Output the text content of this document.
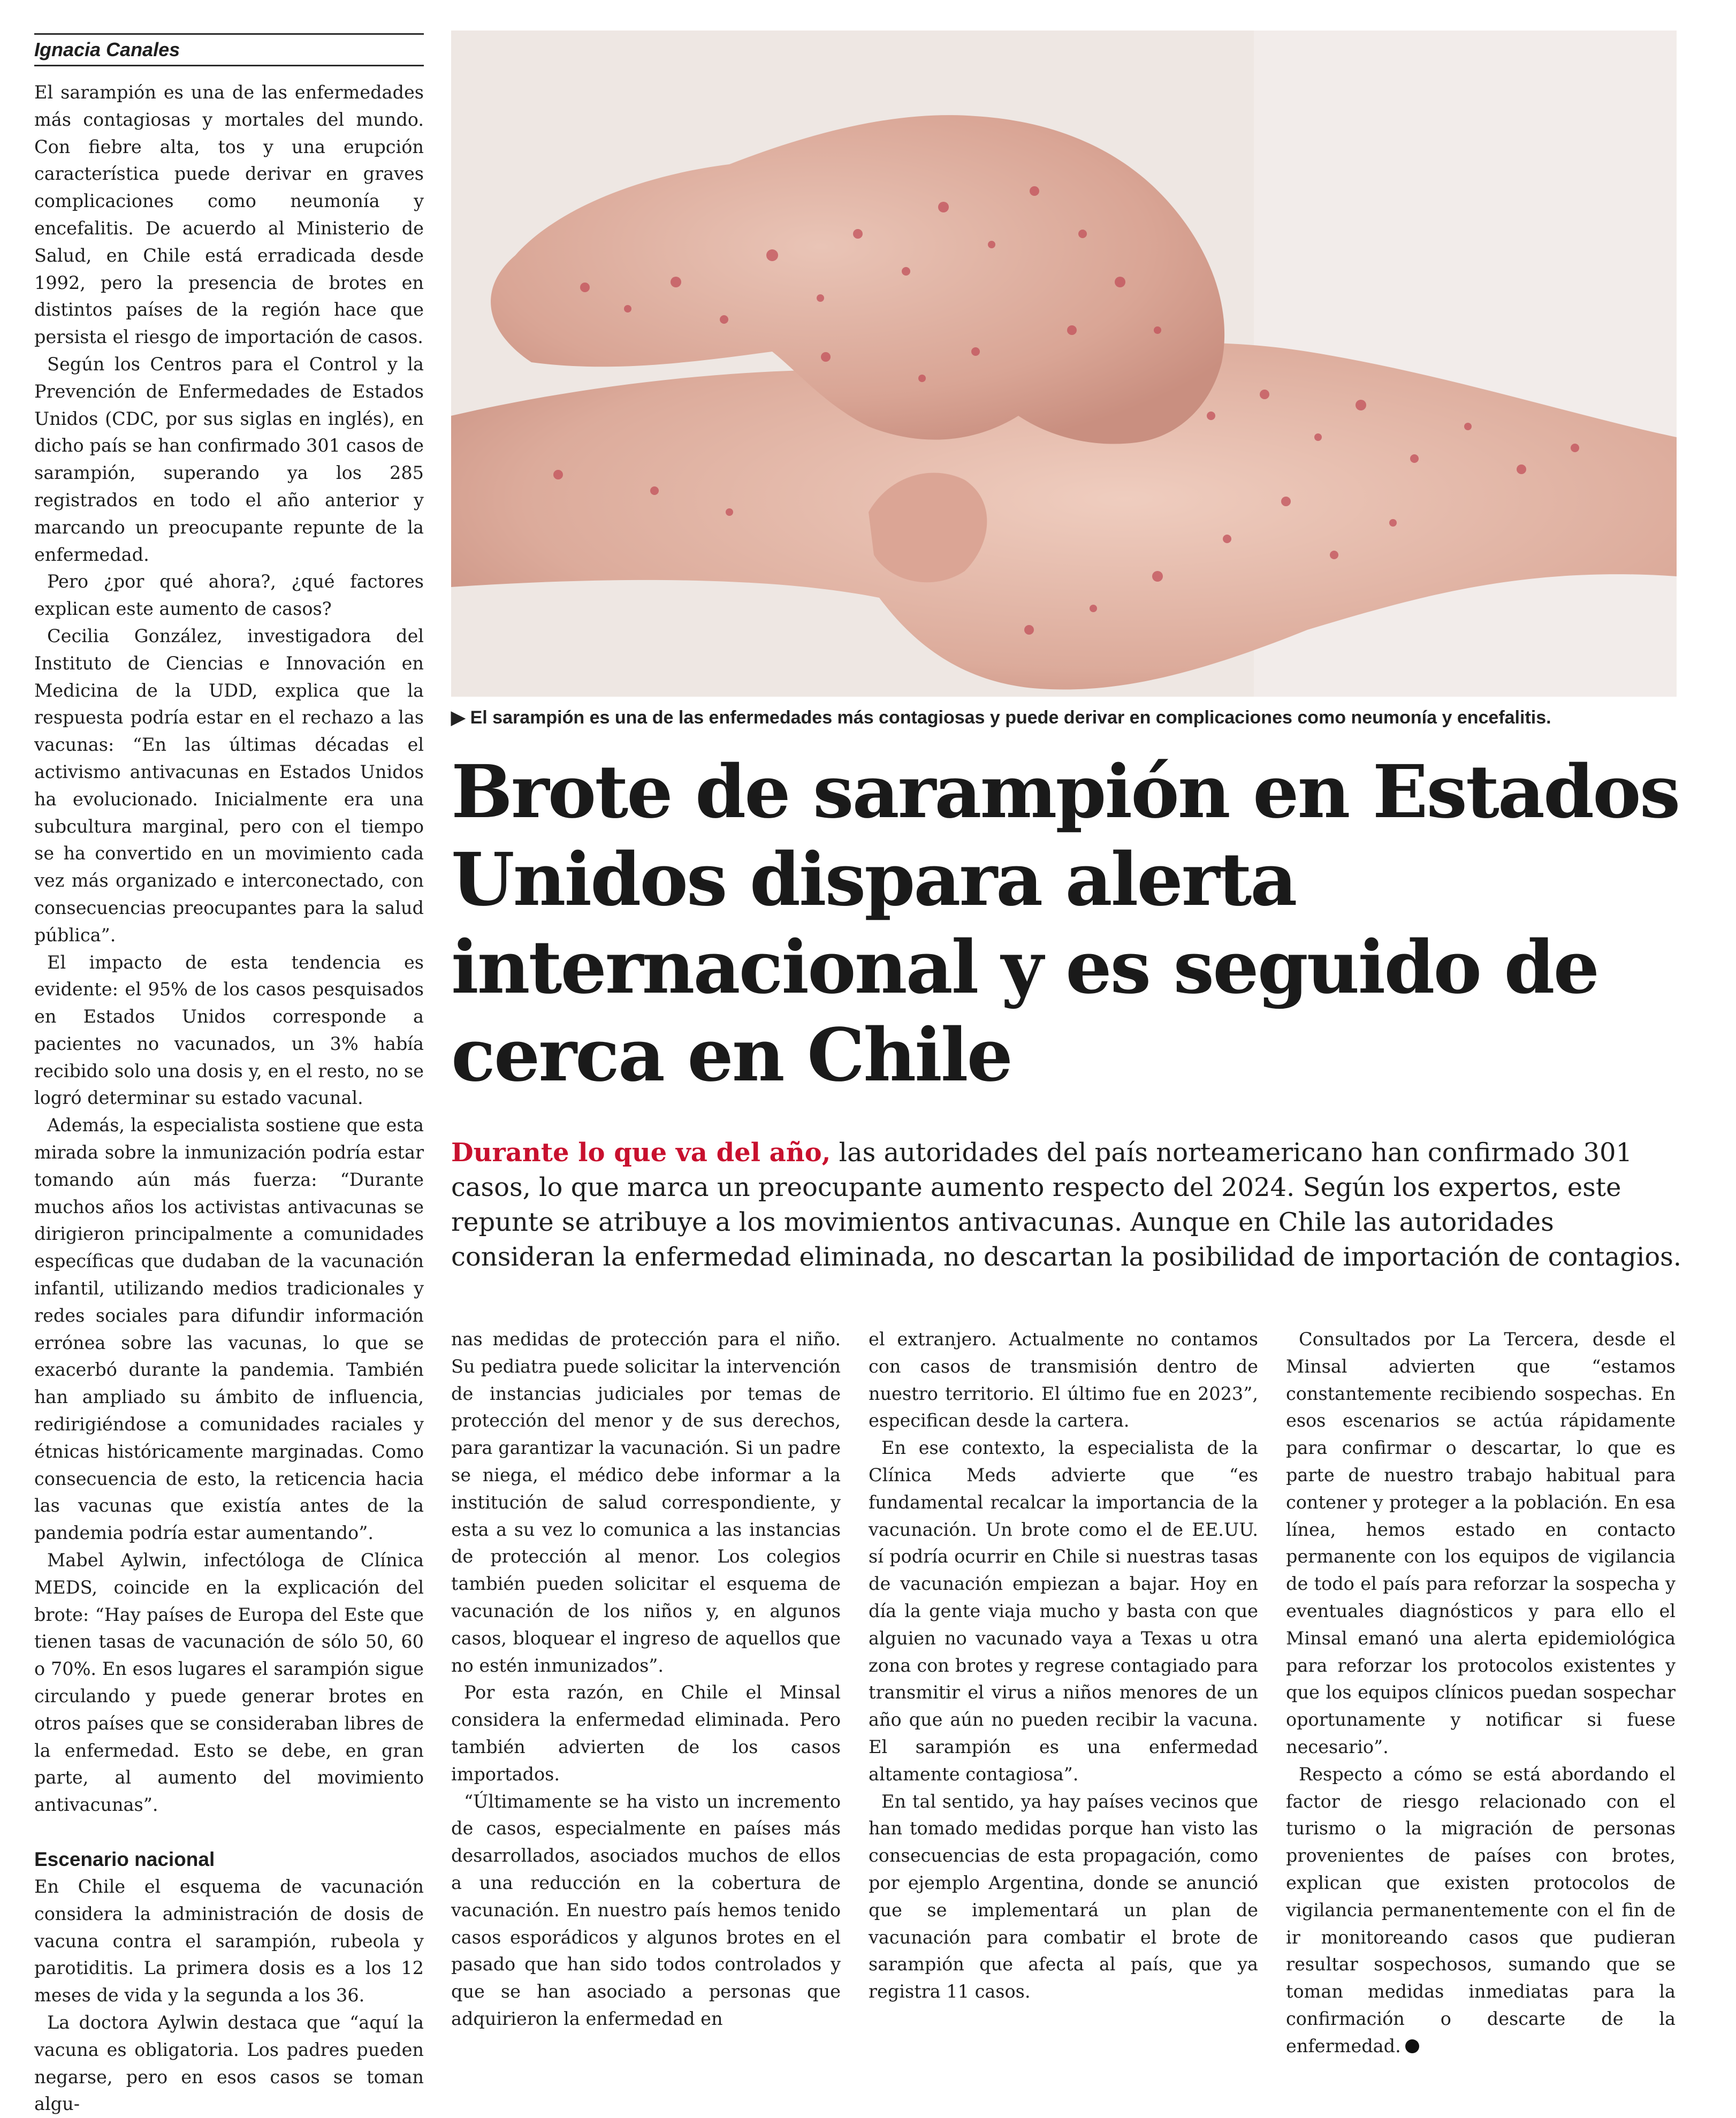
Ignacia Canales

El sarampión es una de las enfermedades más contagiosas y mortales del mundo. Con fiebre alta, tos y una erupción característica puede derivar en graves complicaciones como neumonía y encefalitis. De acuerdo al Ministerio de Salud, en Chile está erradicada desde 1992, pero la presencia de brotes en distintos países de la región hace que persista el riesgo de importación de casos.

Según los Centros para el Control y la Prevención de Enfermedades de Estados Unidos (CDC, por sus siglas en inglés), en dicho país se han confirmado 301 casos de sarampión, superando ya los 285 registrados en todo el año anterior y marcando un preocupante repunte de la enfermedad.

Pero ¿por qué ahora?, ¿qué factores explican este aumento de casos?

Cecilia González, investigadora del Instituto de Ciencias e Innovación en Medicina de la UDD, explica que la respuesta podría estar en el rechazo a las vacunas: “En las últimas décadas el activismo antivacunas en Estados Unidos ha evolucionado. Inicialmente era una subcultura marginal, pero con el tiempo se ha convertido en un movimiento cada vez más organizado e interconectado, con consecuencias preocupantes para la salud pública”.

El impacto de esta tendencia es evidente: el 95% de los casos pesquisados en Estados Unidos corresponde a pacientes no vacunados, un 3% había recibido solo una dosis y, en el resto, no se logró determinar su estado vacunal.

Además, la especialista sostiene que esta mirada sobre la inmunización podría estar tomando aún más fuerza: “Durante muchos años los activistas antivacunas se dirigieron principalmente a comunidades específicas que dudaban de la vacunación infantil, utilizando medios tradicionales y redes sociales para difundir información errónea sobre las vacunas, lo que se exacerbó durante la pandemia. También han ampliado su ámbito de influencia, redirigiéndose a comunidades raciales y étnicas históricamente marginadas. Como consecuencia de esto, la reticencia hacia las vacunas que existía antes de la pandemia podría estar aumentando”.

Mabel Aylwin, infectóloga de Clínica MEDS, coincide en la explicación del brote: “Hay países de Europa del Este que tienen tasas de vacunación de sólo 50, 60 o 70%. En esos lugares el sarampión sigue circulando y puede generar brotes en otros países que se consideraban libres de la enfermedad. Esto se debe, en gran parte, al aumento del movimiento antivacunas”.

Escenario nacional

En Chile el esquema de vacunación considera la administración de dosis de vacuna contra el sarampión, rubeola y parotiditis. La primera dosis es a los 12 meses de vida y la segunda a los 36.

La doctora Aylwin destaca que “aquí la vacuna es obligatoria. Los padres pueden negarse, pero en esos casos se toman algu-

▶ El sarampión es una de las enfermedades más contagiosas y puede derivar en complicaciones como neumonía y encefalitis.
Brote de sarampión en Estados Unidos dispara alerta internacional y es seguido de cerca en Chile
Durante lo que va del año, las autoridades del país norteamericano han confirmado 301 casos, lo que marca un preocupante aumento respecto del 2024. Según los expertos, este repunte se atribuye a los movimientos antivacunas. Aunque en Chile las autoridades consideran la enfermedad eliminada, no descartan la posibilidad de importación de contagios.

nas medidas de protección para el niño. Su pediatra puede solicitar la intervención de instancias judiciales por temas de protección del menor y de sus derechos, para garantizar la vacunación. Si un padre se niega, el médico debe informar a la institución de salud correspondiente, y esta a su vez lo comunica a las instancias de protección al menor. Los colegios también pueden solicitar el esquema de vacunación de los niños y, en algunos casos, bloquear el ingreso de aquellos que no estén inmunizados”.

Por esta razón, en Chile el Minsal considera la enfermedad eliminada. Pero también advierten de los casos importados.

“Últimamente se ha visto un incremento de casos, especialmente en países más desarrollados, asociados muchos de ellos a una reducción en la cobertura de vacunación. En nuestro país hemos tenido casos esporádicos y algunos brotes en el pasado que han sido todos controlados y que se han asociado a personas que adquirieron la enfermedad en

el extranjero. Actualmente no contamos con casos de transmisión dentro de nuestro territorio. El último fue en 2023”, especifican desde la cartera.

En ese contexto, la especialista de la Clínica Meds advierte que “es fundamental recalcar la importancia de la vacunación. Un brote como el de EE.UU. sí podría ocurrir en Chile si nuestras tasas de vacunación empiezan a bajar. Hoy en día la gente viaja mucho y basta con que alguien no vacunado vaya a Texas u otra zona con brotes y regrese contagiado para transmitir el virus a niños menores de un año que aún no pueden recibir la vacuna. El sarampión es una enfermedad altamente contagiosa”.

En tal sentido, ya hay países vecinos que han tomado medidas porque han visto las consecuencias de esta propagación, como por ejemplo Argentina, donde se anunció que se implementará un plan de vacunación para combatir el brote de sarampión que afecta al país, que ya registra 11 casos.

Consultados por La Tercera, desde el Minsal advierten que “estamos constantemente recibiendo sospechas. En esos escenarios se actúa rápidamente para confirmar o descartar, lo que es parte de nuestro trabajo habitual para contener y proteger a la población. En esa línea, hemos estado en contacto permanente con los equipos de vigilancia de todo el país para reforzar la sospecha y eventuales diagnósticos y para ello el Minsal emanó una alerta epidemiológica para reforzar los protocolos existentes y que los equipos clínicos puedan sospechar oportunamente y notificar si fuese necesario”.

Respecto a cómo se está abordando el factor de riesgo relacionado con el turismo o la migración de personas provenientes de países con brotes, explican que existen protocolos de vigilancia permanentemente con el fin de ir monitoreando casos que pudieran resultar sospechosos, sumando que se toman medidas inmediatas para la confirmación o descarte de la enfermedad.
